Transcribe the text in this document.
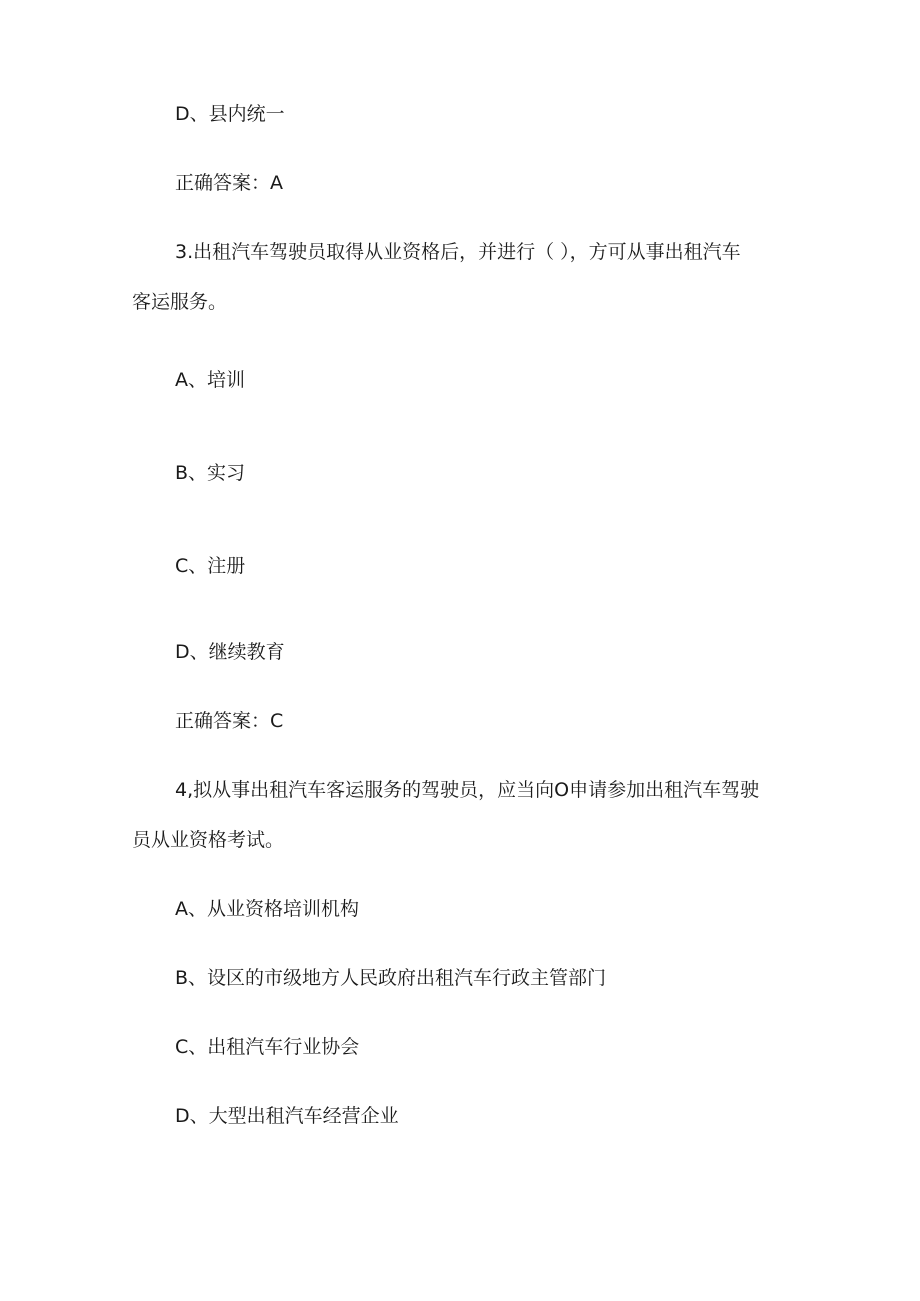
D、县内统一
正确答案：A
3.出租汽车驾驶员取得从业资格后，并进行（ ），方可从事出租汽车
客运服务。
A、培训
B、实习
C、注册
D、继续教育
正确答案：C
4,拟从事出租汽车客运服务的驾驶员，应当向O申请参加出租汽车驾驶
员从业资格考试。
A、从业资格培训机构
B、设区的市级地方人民政府出租汽车行政主管部门
C、出租汽车行业协会
D、大型出租汽车经营企业
